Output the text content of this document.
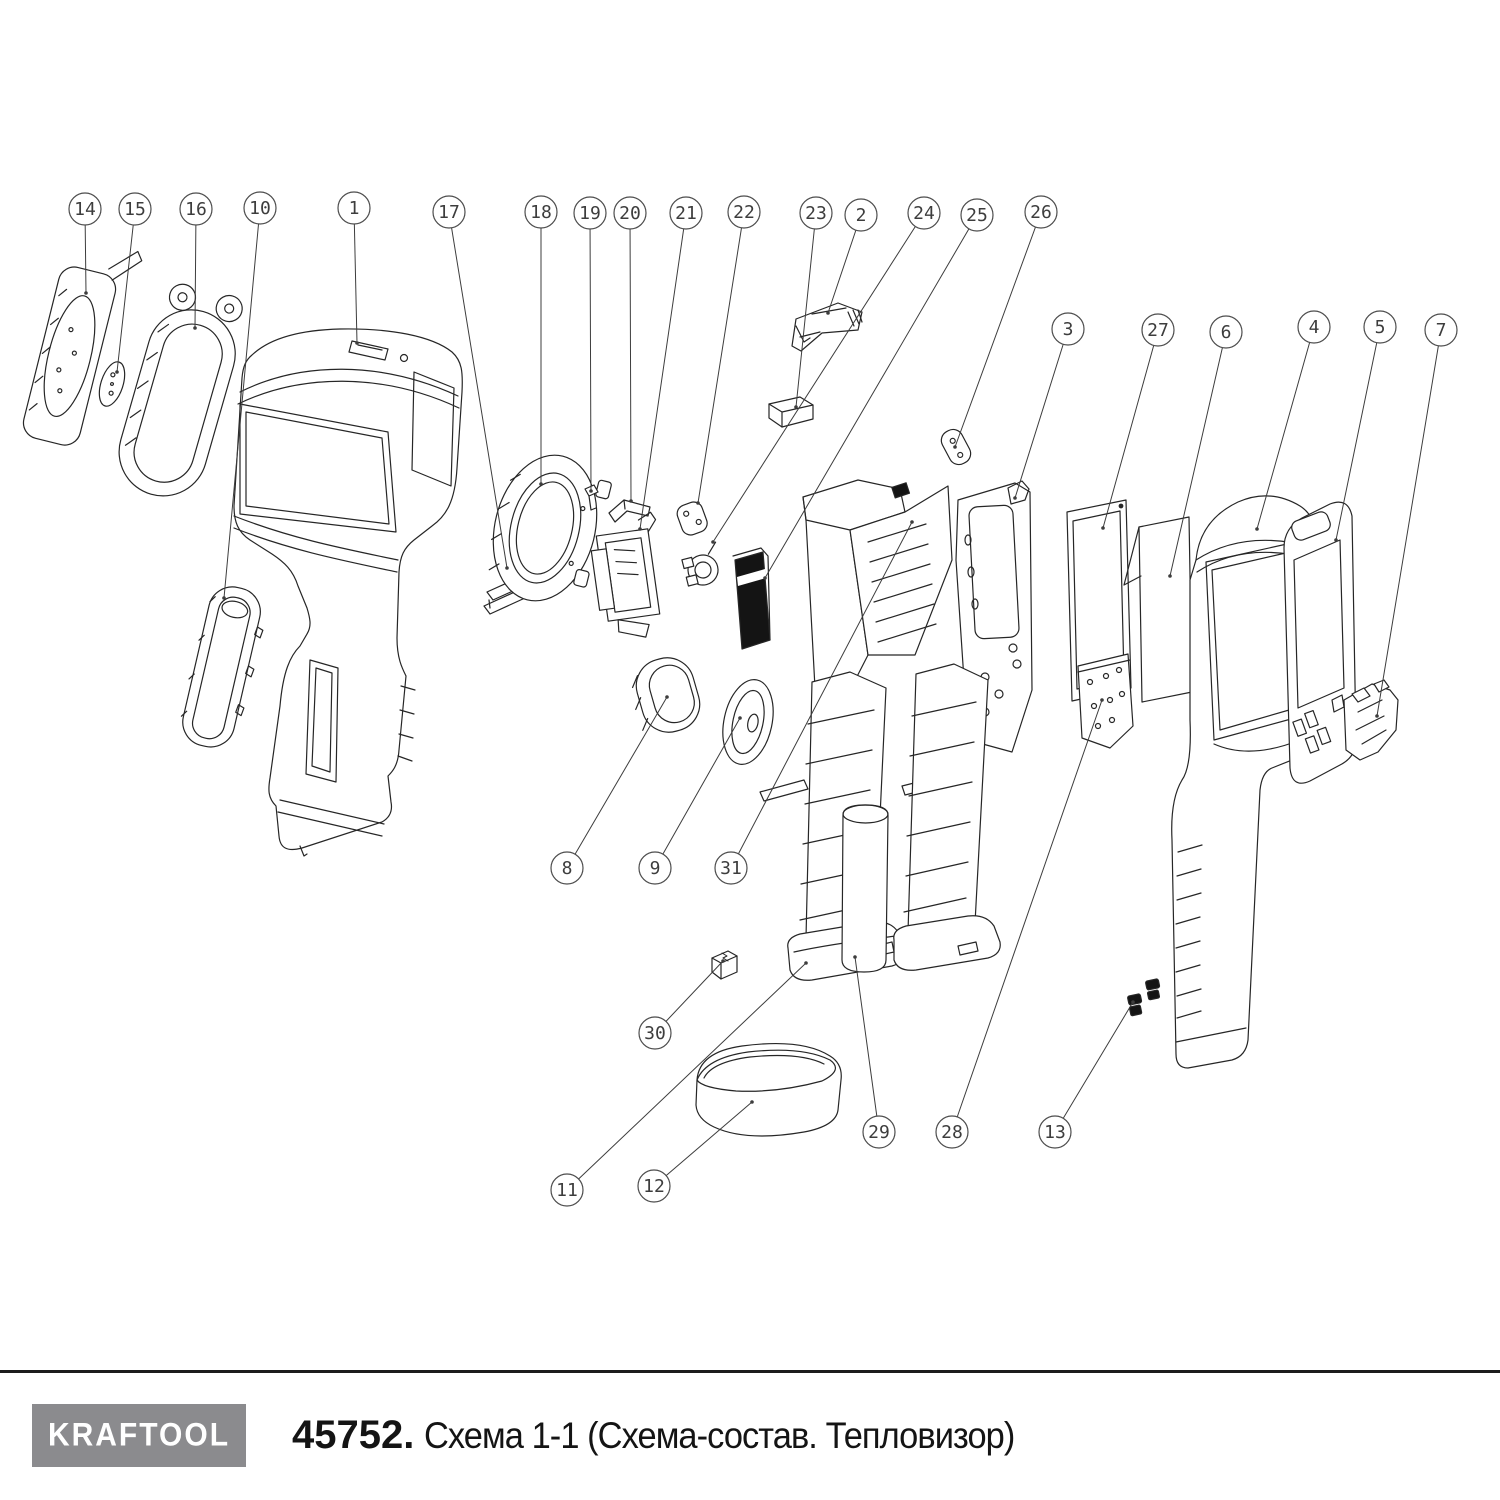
1	2
3	4	5
6	7
8	9
10
11	12
13
14 15 16	17	18 19 20 21 22	23	24 25 26
27
28
29
30
31
KRAFTOOL 45752. Схема 1-1 (Схема-состав. Тепловизор)
